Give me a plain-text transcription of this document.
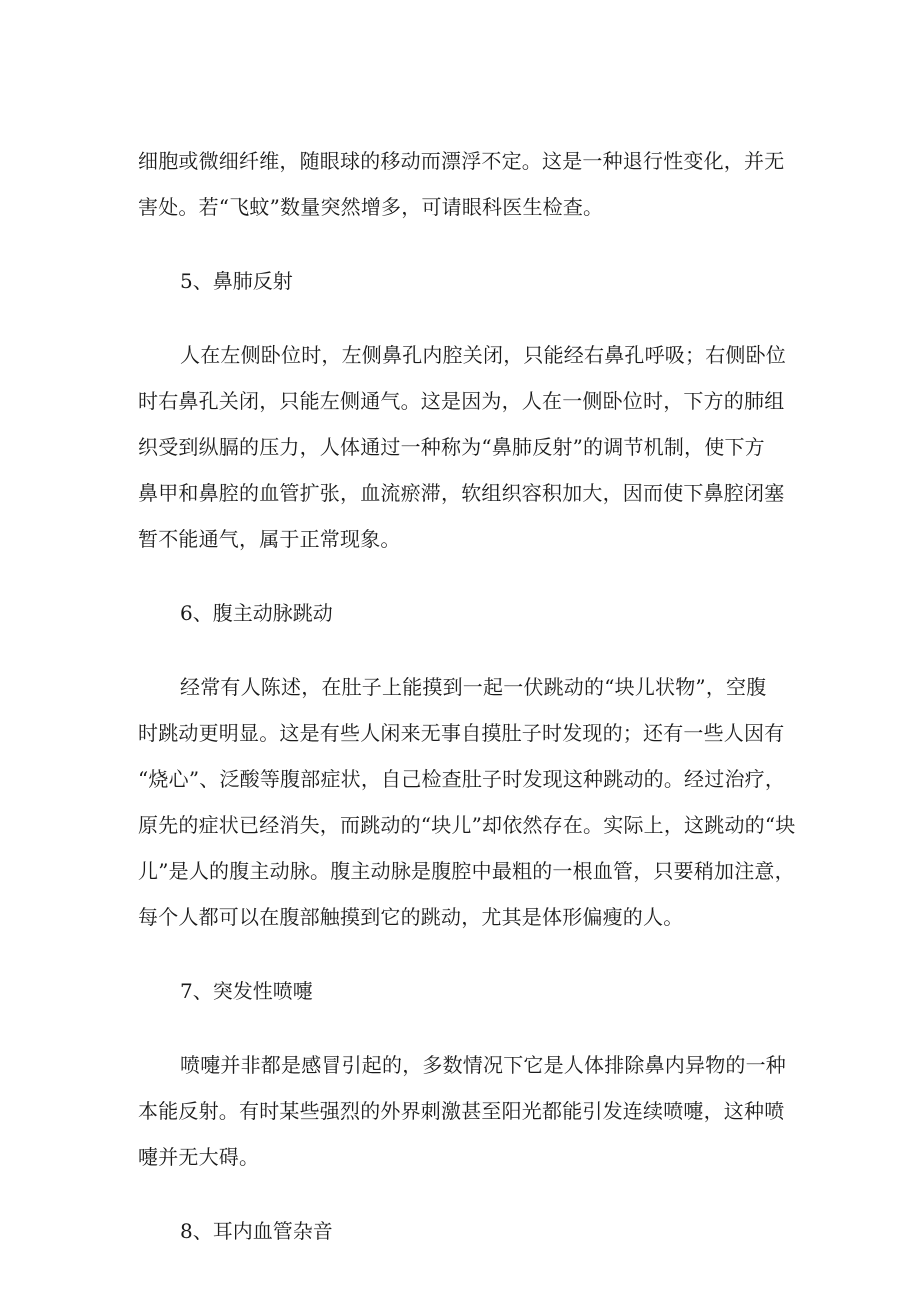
细胞或微细纤维，随眼球的移动而漂浮不定。这是一种退行性变化，并无
害处。若“飞蚊”数量突然增多，可请眼科医生检查。

5、鼻肺反射

人在左侧卧位时，左侧鼻孔内腔关闭，只能经右鼻孔呼吸；右侧卧位
时右鼻孔关闭，只能左侧通气。这是因为，人在一侧卧位时，下方的肺组
织受到纵膈的压力，人体通过一种称为“鼻肺反射”的调节机制，使下方
鼻甲和鼻腔的血管扩张，血流瘀滞，软组织容积加大，因而使下鼻腔闭塞
暂不能通气，属于正常现象。

6、腹主动脉跳动

经常有人陈述，在肚子上能摸到一起一伏跳动的“块儿状物”，空腹
时跳动更明显。这是有些人闲来无事自摸肚子时发现的；还有一些人因有
“烧心”、泛酸等腹部症状，自己检查肚子时发现这种跳动的。经过治疗，
原先的症状已经消失，而跳动的“块儿”却依然存在。实际上，这跳动的“块
儿”是人的腹主动脉。腹主动脉是腹腔中最粗的一根血管，只要稍加注意，
每个人都可以在腹部触摸到它的跳动，尤其是体形偏瘦的人。

7、突发性喷嚏

喷嚏并非都是感冒引起的，多数情况下它是人体排除鼻内异物的一种
本能反射。有时某些强烈的外界刺激甚至阳光都能引发连续喷嚏，这种喷
嚏并无大碍。

8、耳内血管杂音
